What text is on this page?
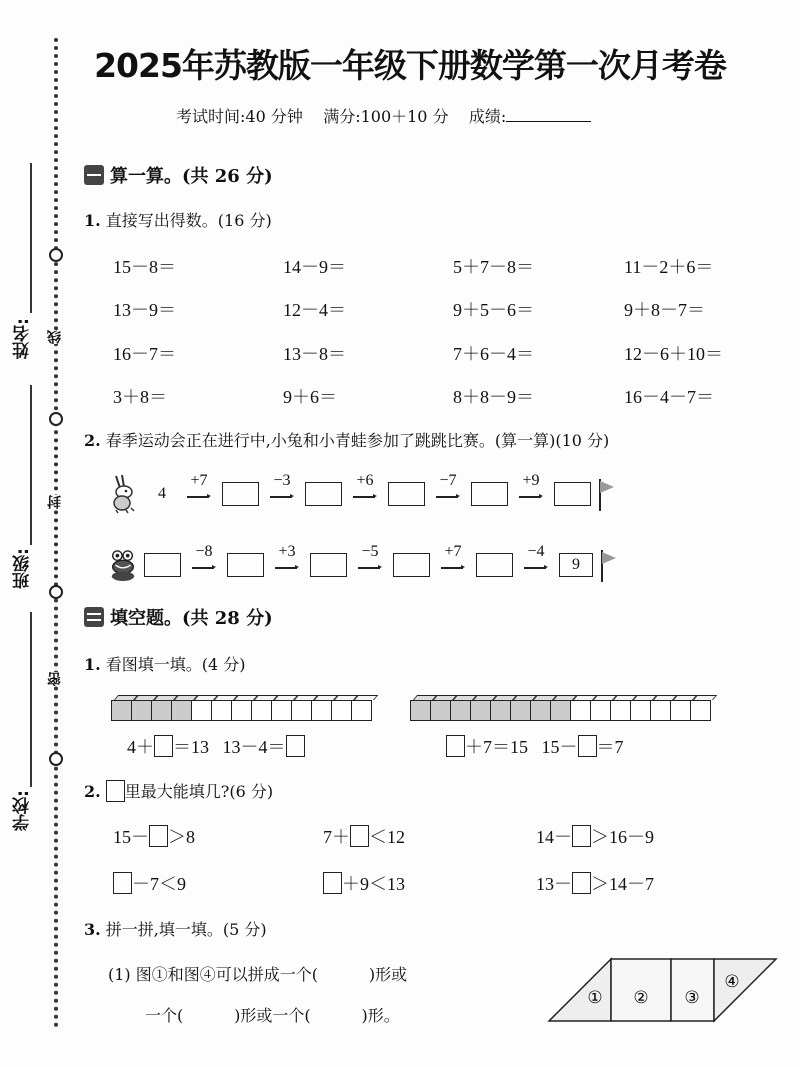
线
封
密
姓名:
班级:
学校:
2025年苏教版一年级下册数学第一次月考卷
考试时间:40 分钟 满分:100＋10 分 成绩:
算一算。(共 26 分)
1. 直接写出得数。(16 分)
15－8＝	14－9＝	5＋7－8＝	11－2＋6＝
13－9＝	12－4＝	9＋5－6＝	9＋8－7＝
16－7＝	13－8＝	7＋6－4＝	12－6＋10＝
3＋8＝	9＋6＝	8＋8－9＝	16－4－7＝
2. 春季运动会正在进行中,小兔和小青蛙参加了跳跳比赛。(算一算)(10 分)
4
+7	−3	+6	−7	+9
−8	+3	−5	+7	−4
9
填空题。(共 28 分)
1. 看图填一填。(4 分)
4＋ ＝13 13－4＝	＋7＝15 15－ ＝7
2. 里最大能填几?(6 分)
15－ ＞8	7＋ ＜12	14－ ＞16－9
－7＜9	＋9＜13	13－ ＞14－7
3. 拼一拼,填一填。(5 分)
(1) 图①和图④可以拼成一个(          )形或
一个(          )形或一个(          )形。
① ② ③
④
